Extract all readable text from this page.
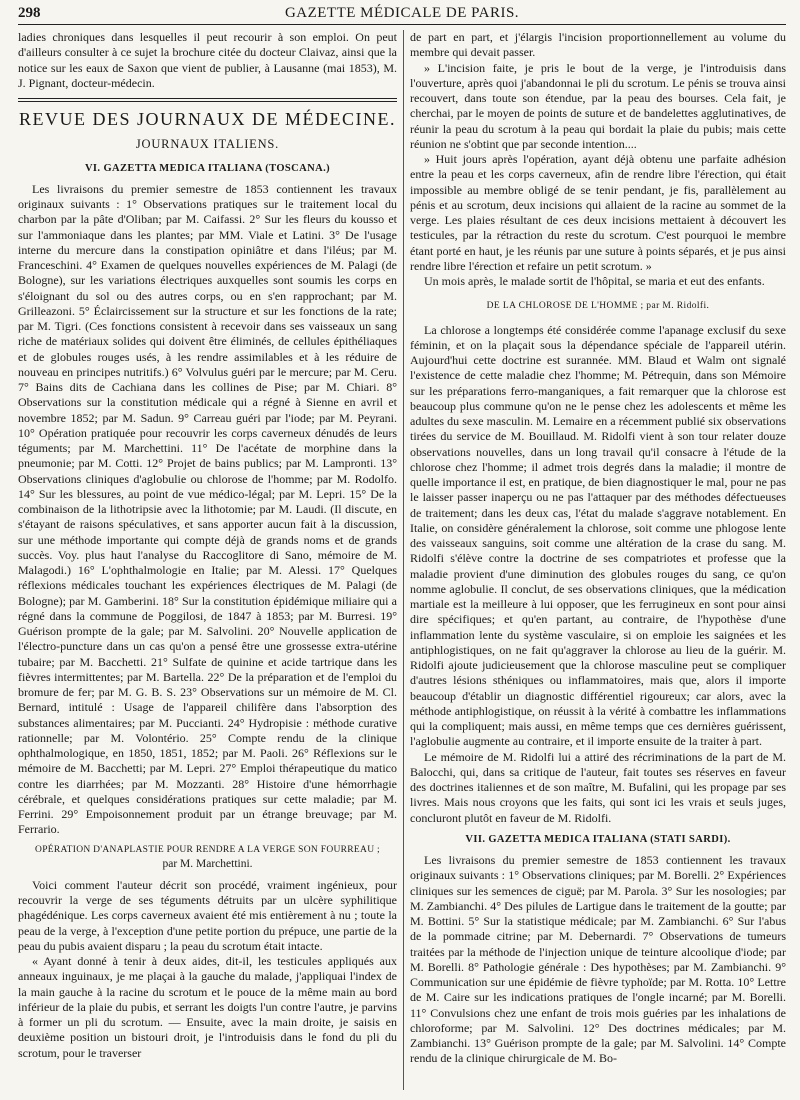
298	GAZETTE MÉDICALE DE PARIS.

ladies chroniques dans lesquelles il peut recourir à son emploi. On peut d'ailleurs consulter à ce sujet la brochure citée du docteur Claivaz, ainsi que la notice sur les eaux de Saxon que vient de publier, à Lausanne (mai 1853), M. J. Pignant, docteur-médecin.

REVUE DES JOURNAUX DE MÉDECINE.
JOURNAUX ITALIENS.
VI. GAZETTA MEDICA ITALIANA (TOSCANA.)

Les livraisons du premier semestre de 1853 contiennent les travaux originaux suivants : 1° Observations pratiques sur le traitement local du charbon par la pâte d'Oliban; par M. Caifassi. 2° Sur les fleurs du kousso et sur l'ammoniaque dans les plantes; par MM. Viale et Latini. 3° De l'usage interne du mercure dans la constipation opiniâtre et dans l'iléus; par M. Franceschini. 4° Examen de quelques nouvelles expériences de M. Palagi (de Bologne), sur les variations électriques auxquelles sont soumis les corps en s'éloignant du sol ou des autres corps, ou en s'en rapprochant; par M. Grilleazoni. 5° Éclaircissement sur la structure et sur les fonctions de la rate; par M. Tigri. (Ces fonctions consistent à recevoir dans ses vaisseaux un sang riche de matériaux solides qui doivent être éliminés, de cellules épithéliaques et de globules rouges usés, à les rendre assimilables et à les réduire de nouveau en principes nutritifs.) 6° Volvulus guéri par le mercure; par M. Ceru. 7° Bains dits de Cachiana dans les collines de Pise; par M. Chiari. 8° Observations sur la constitution médicale qui a régné à Sienne en avril et novembre 1852; par M. Sadun. 9° Carreau guéri par l'iode; par M. Peyrani. 10° Opération pratiquée pour recouvrir les corps caverneux dénudés de leurs téguments; par M. Marchettini. 11° De l'acétate de morphine dans la pneumonie; par M. Cotti. 12° Projet de bains publics; par M. Lampronti. 13° Observations cliniques d'aglobulie ou chlorose de l'homme; par M. Rodolfo. 14° Sur les blessures, au point de vue médico-légal; par M. Lepri. 15° De la combinaison de la lithotripsie avec la lithotomie; par M. Laudi. (Il discute, en s'étayant de raisons spéculatives, et sans apporter aucun fait à la discussion, sur une méthode importante qui compte déjà de grands noms et de grands succès. Voy. plus haut l'analyse du Raccoglitore di Sano, mémoire de M. Malagodi.) 16° L'ophthalmologie en Italie; par M. Alessi. 17° Quelques réflexions médicales touchant les expériences électriques de M. Palagi (de Bologne); par M. Gamberini. 18° Sur la constitution épidémique miliaire qui a régné dans la commune de Poggilosi, de 1847 à 1853; par M. Burresi. 19° Guérison prompte de la gale; par M. Salvolini. 20° Nouvelle application de l'électro-puncture dans un cas qu'on a pensé être une grossesse extra-utérine tubaire; par M. Bacchetti. 21° Sulfate de quinine et acide tartrique dans les fièvres intermittentes; par M. Bartella. 22° De la préparation et de l'emploi du bromure de fer; par M. G. B. S. 23° Observations sur un mémoire de M. Cl. Bernard, intitulé : Usage de l'appareil chilifère dans l'absorption des substances alimentaires; par M. Puccianti. 24° Hydropisie : méthode curative rationnelle; par M. Volontério. 25° Compte rendu de la clinique ophthalmologique, en 1850, 1851, 1852; par M. Paoli. 26° Réflexions sur le mémoire de M. Bacchetti; par M. Lepri. 27° Emploi thérapeutique du matico contre les diarrhées; par M. Mozzanti. 28° Histoire d'une hémorrhagie cérébrale, et quelques considérations pratiques sur cette maladie; par M. Ferrini. 29° Empoisonnement produit par un étrange breuvage; par M. Ferrario.

OPÉRATION D'ANAPLASTIE POUR RENDRE A LA VERGE SON FOURREAU ;
par M. Marchettini.

Voici comment l'auteur décrit son procédé, vraiment ingénieux, pour recouvrir la verge de ses téguments détruits par un ulcère syphilitique phagédénique. Les corps caverneux avaient été mis entièrement à nu ; toute la peau de la verge, à l'exception d'une petite portion du prépuce, une partie de la peau du pubis avaient disparu ; la peau du scrotum était intacte.

« Ayant donné à tenir à deux aides, dit-il, les testicules appliqués aux anneaux inguinaux, je me plaçai à la gauche du malade, j'appliquai l'index de la main gauche à la racine du scrotum et le pouce de la même main au bord inférieur de la plaie du pubis, et serrant les doigts l'un contre l'autre, je parvins à former un pli du scrotum. — Ensuite, avec la main droite, je saisis en deuxième position un bistouri droit, je l'introduisis dans le fond du pli du scrotum, pour le traverser

de part en part, et j'élargis l'incision proportionnellement au volume du membre qui devait passer.

» L'incision faite, je pris le bout de la verge, je l'introduisis dans l'ouverture, après quoi j'abandonnai le pli du scrotum. Le pénis se trouva ainsi recouvert, dans toute son étendue, par la peau des bourses. Cela fait, je cherchai, par le moyen de points de suture et de bandelettes agglutinatives, de réunir la peau du scrotum à la peau qui bordait la plaie du pubis; mais cette réunion ne s'obtint que par seconde intention....

» Huit jours après l'opération, ayant déjà obtenu une parfaite adhésion entre la peau et les corps caverneux, afin de rendre libre l'érection, qui était impossible au membre obligé de se tenir pendant, je fis, parallèlement au pénis et au scrotum, deux incisions qui allaient de la racine au sommet de la verge. Les plaies résultant de ces deux incisions mettaient à découvert les testicules, par la rétraction du reste du scrotum. C'est pourquoi le membre étant porté en haut, je les réunis par une suture à points séparés, et je pus ainsi rendre libre l'érection et refaire un petit scrotum. »

Un mois après, le malade sortit de l'hôpital, se maria et eut des enfants.

DE LA CHLOROSE DE L'HOMME ; par M. Ridolfi.

La chlorose a longtemps été considérée comme l'apanage exclusif du sexe féminin, et on la plaçait sous la dépendance spéciale de l'appareil utérin. Aujourd'hui cette doctrine est surannée. MM. Blaud et Walm ont signalé l'existence de cette maladie chez l'homme; M. Pétrequin, dans son Mémoire sur les préparations ferro-manganiques, a fait remarquer que la chlorose est beaucoup plus commune qu'on ne le pense chez les adolescents et même les adultes du sexe masculin. M. Lemaire en a récemment publié six observations tirées du service de M. Bouillaud. M. Ridolfi vient à son tour relater douze observations nouvelles, dans un long travail qu'il consacre à l'étude de la chlorose chez l'homme; il admet trois degrés dans la maladie; il montre de quelle importance il est, en pratique, de bien diagnostiquer le mal, pour ne pas le laisser passer inaperçu ou ne pas l'attaquer par des méthodes défectueuses de traitement; dans les deux cas, l'état du malade s'aggrave notablement. En Italie, on considère généralement la chlorose, soit comme une phlogose lente des vaisseaux sanguins, soit comme une altération de la crase du sang. M. Ridolfi s'élève contre la doctrine de ses compatriotes et professe que la maladie provient d'une diminution des globules rouges du sang, ce qu'on nomme aglobulie. Il conclut, de ses observations cliniques, que la médication martiale est la meilleure à lui opposer, que les ferrugineux en sont pour ainsi dire spécifiques; et qu'en partant, au contraire, de l'hypothèse d'une inflammation lente du système vasculaire, si on emploie les saignées et les antiphlogistiques, on ne fait qu'aggraver la chlorose au lieu de la guérir. M. Ridolfi ajoute judicieusement que la chlorose masculine peut se compliquer d'autres lésions sthéniques ou inflammatoires, mais que, alors il importe beaucoup d'établir un diagnostic différentiel rigoureux; car alors, avec la méthode antiphlogistique, on réussit à la vérité à combattre les inflammations qui la compliquent; mais aussi, en même temps que ces dernières guérissent, l'aglobulie augmente au contraire, et il importe ensuite de la traiter à part.

Le mémoire de M. Ridolfi lui a attiré des récriminations de la part de M. Balocchi, qui, dans sa critique de l'auteur, fait toutes ses réserves en faveur des doctrines italiennes et de son maître, M. Bufalini, qui les propage par ses livres. Mais nous croyons que les faits, qui sont ici les vrais et seuls juges, concluront plutôt en faveur de M. Ridolfi.

VII. GAZETTA MEDICA ITALIANA (STATI SARDI).

Les livraisons du premier semestre de 1853 contiennent les travaux originaux suivants : 1° Observations cliniques; par M. Borelli. 2° Expériences cliniques sur les semences de ciguë; par M. Parola. 3° Sur les nosologies; par M. Zambianchi. 4° Des pilules de Lartigue dans le traitement de la goutte; par M. Bottini. 5° Sur la statistique médicale; par M. Zambianchi. 6° Sur l'abus de la pommade citrine; par M. Debernardi. 7° Observations de tumeurs traitées par la méthode de l'injection unique de teinture alcoolique d'iode; par M. Borelli. 8° Pathologie générale : Des hypothèses; par M. Zambianchi. 9° Communication sur une épidémie de fièvre typhoïde; par M. Rotta. 10° Lettre de M. Caire sur les indications pratiques de l'ongle incarné; par M. Borelli. 11° Convulsions chez une enfant de trois mois guéries par les inhalations de chloroforme; par M. Salvolini. 12° Des doctrines médicales; par M. Zambianchi. 13° Guérison prompte de la gale; par M. Salvolini. 14° Compte rendu de la clinique chirurgicale de M. Bo-
